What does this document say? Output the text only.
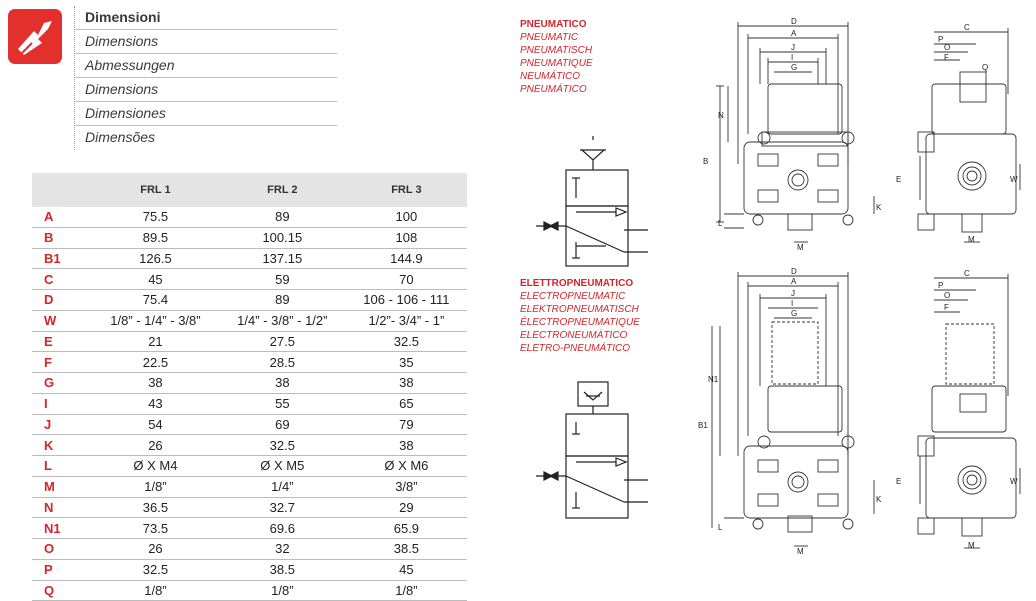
Dimensioni
Dimensions
Abmessungen
Dimensions
Dimensiones
Dimensões
	FRL 1	FRL 2	FRL 3
A	75.5	89	100
B	89.5	100.15	108
B1	126.5	137.15	144.9
C	45	59	70
D	75.4	89	106 - 106 - 111
W	1/8” - 1/4” - 3/8”	1/4” - 3/8” - 1/2”	1/2”- 3/4” - 1”
E	21	27.5	32.5
F	22.5	28.5	35
G	38	38	38
I	43	55	65
J	54	69	79
K	26	32.5	38
L	Ø X M4	Ø X M5	Ø X M6
M	1/8”	1/4”	3/8”
N	36.5	32.7	29
N1	73.5	69.6	65.9
O	26	32	38.5
P	32.5	38.5	45
Q	1/8”	1/8”	1/8”
PNEUMATICO
PNEUMATIC
PNEUMATISCH
PNEUMATIQUE
NEUMÁTICO
PNEUMÁTICO
ELETTROPNEUMATICO
ELECTROPNEUMATIC
ELEKTROPNEUMATISCH
ÉLECTROPNEUMATIQUE
ELECTRONEUMÁTICO
ELETRO-PNEUMÁTICO
D
A
J
I
G
N
B
L
K
M
C
P
O
F
Q
E	W
M
D
A
J
I
G
N1
B1
L
K
M
C
P
O
F
E	W
M
